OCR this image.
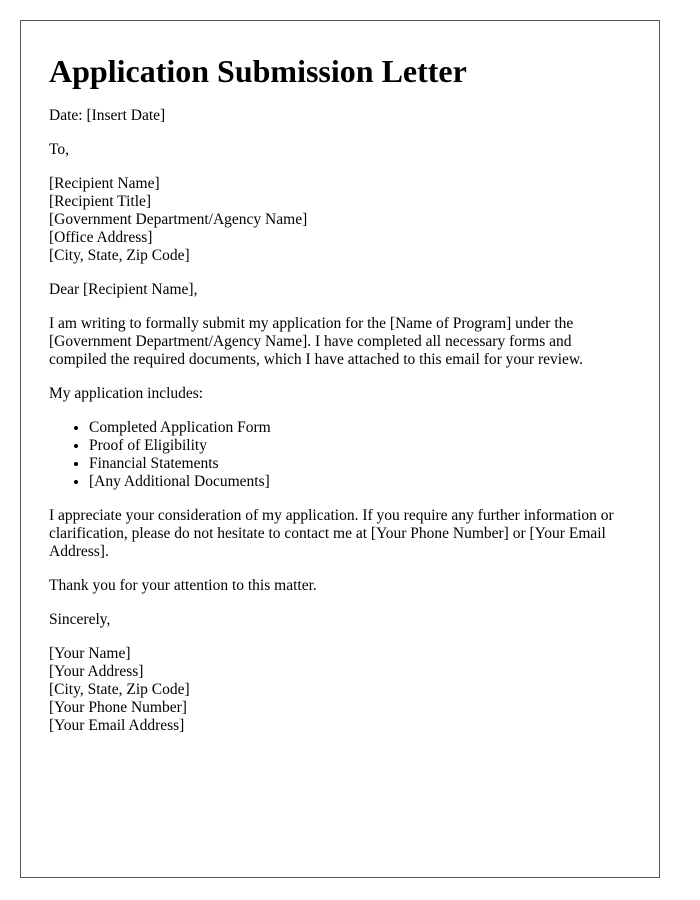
Application Submission Letter

Date: [Insert Date]

To,

[Recipient Name]
[Recipient Title]
[Government Department/Agency Name]
[Office Address]
[City, State, Zip Code]

Dear [Recipient Name],

I am writing to formally submit my application for the [Name of Program] under the [Government Department/Agency Name]. I have completed all necessary forms and compiled the required documents, which I have attached to this email for your review.

My application includes:

• Completed Application Form
• Proof of Eligibility
• Financial Statements
• [Any Additional Documents]

I appreciate your consideration of my application. If you require any further information or clarification, please do not hesitate to contact me at [Your Phone Number] or [Your Email Address].

Thank you for your attention to this matter.

Sincerely,

[Your Name]
[Your Address]
[City, State, Zip Code]
[Your Phone Number]
[Your Email Address]
